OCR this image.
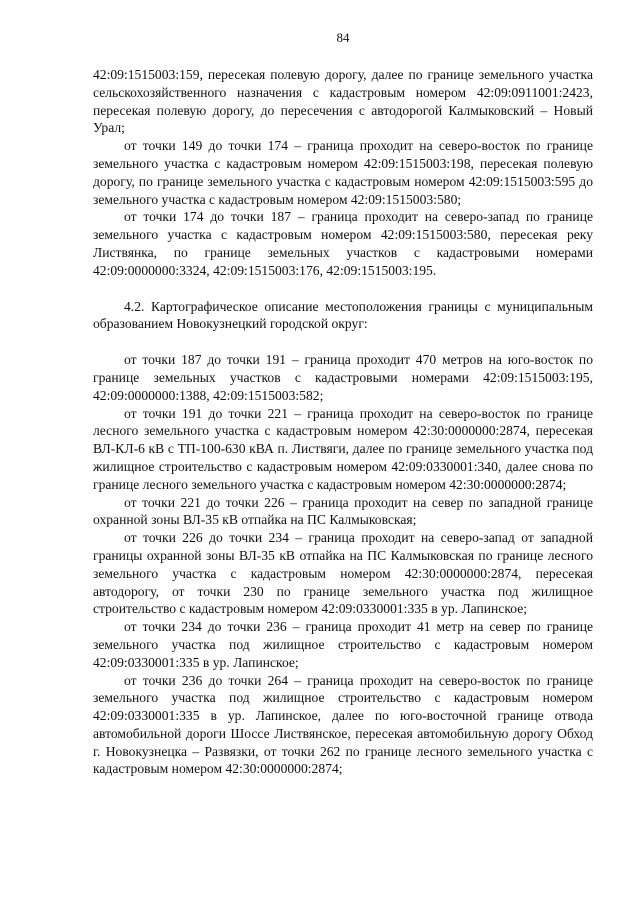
84

42:09:1515003:159, пересекая полевую дорогу, далее по границе земельного участка сельскохозяйственного назначения с кадастровым номером 42:09:0911001:2423, пересекая полевую дорогу, до пересечения с автодорогой Калмыковский – Новый Урал;

от точки 149 до точки 174 – граница проходит на северо-восток по границе земельного участка с кадастровым номером 42:09:1515003:198, пересекая полевую дорогу, по границе земельного участка с кадастровым номером 42:09:1515003:595 до земельного участка с кадастровым номером 42:09:1515003:580;

от точки 174 до точки 187 – граница проходит на северо-запад по границе земельного участка с кадастровым номером 42:09:1515003:580, пересекая реку Листвянка, по границе земельных участков с кадастровыми номерами 42:09:0000000:3324, 42:09:1515003:176, 42:09:1515003:195.

4.2. Картографическое описание местоположения границы с муниципальным образованием Новокузнецкий городской округ:

от точки 187 до точки 191 – граница проходит 470 метров на юго-восток по границе земельных участков с кадастровыми номерами 42:09:1515003:195, 42:09:0000000:1388, 42:09:1515003:582;

от точки 191 до точки 221 – граница проходит на северо-восток по границе лесного земельного участка с кадастровым номером 42:30:0000000:2874, пересекая ВЛ-КЛ-6 кВ с ТП-100-630 кВА п. Листвяги, далее по границе земельного участка под жилищное строительство с кадастровым номером 42:09:0330001:340, далее снова по границе лесного земельного участка с кадастровым номером 42:30:0000000:2874;

от точки 221 до точки 226 – граница проходит на север по западной границе охранной зоны ВЛ-35 кВ отпайка на ПС Калмыковская;

от точки 226 до точки 234 – граница проходит на северо-запад от западной границы охранной зоны ВЛ-35 кВ отпайка на ПС Калмыковская по границе лесного земельного участка с кадастровым номером 42:30:0000000:2874, пересекая автодорогу, от точки 230 по границе земельного участка под жилищное строительство с кадастровым номером 42:09:0330001:335 в ур. Лапинское;

от точки 234 до точки 236 – граница проходит 41 метр на север по границе земельного участка под жилищное строительство с кадастровым номером 42:09:0330001:335 в ур. Лапинское;

от точки 236 до точки 264 – граница проходит на северо-восток по границе земельного участка под жилищное строительство с кадастровым номером 42:09:0330001:335 в ур. Лапинское, далее по юго-восточной границе отвода автомобильной дороги Шоссе Листвянское, пересекая автомобильную дорогу Обход г. Новокузнецка – Развязки, от точки 262 по границе лесного земельного участка с кадастровым номером 42:30:0000000:2874;
